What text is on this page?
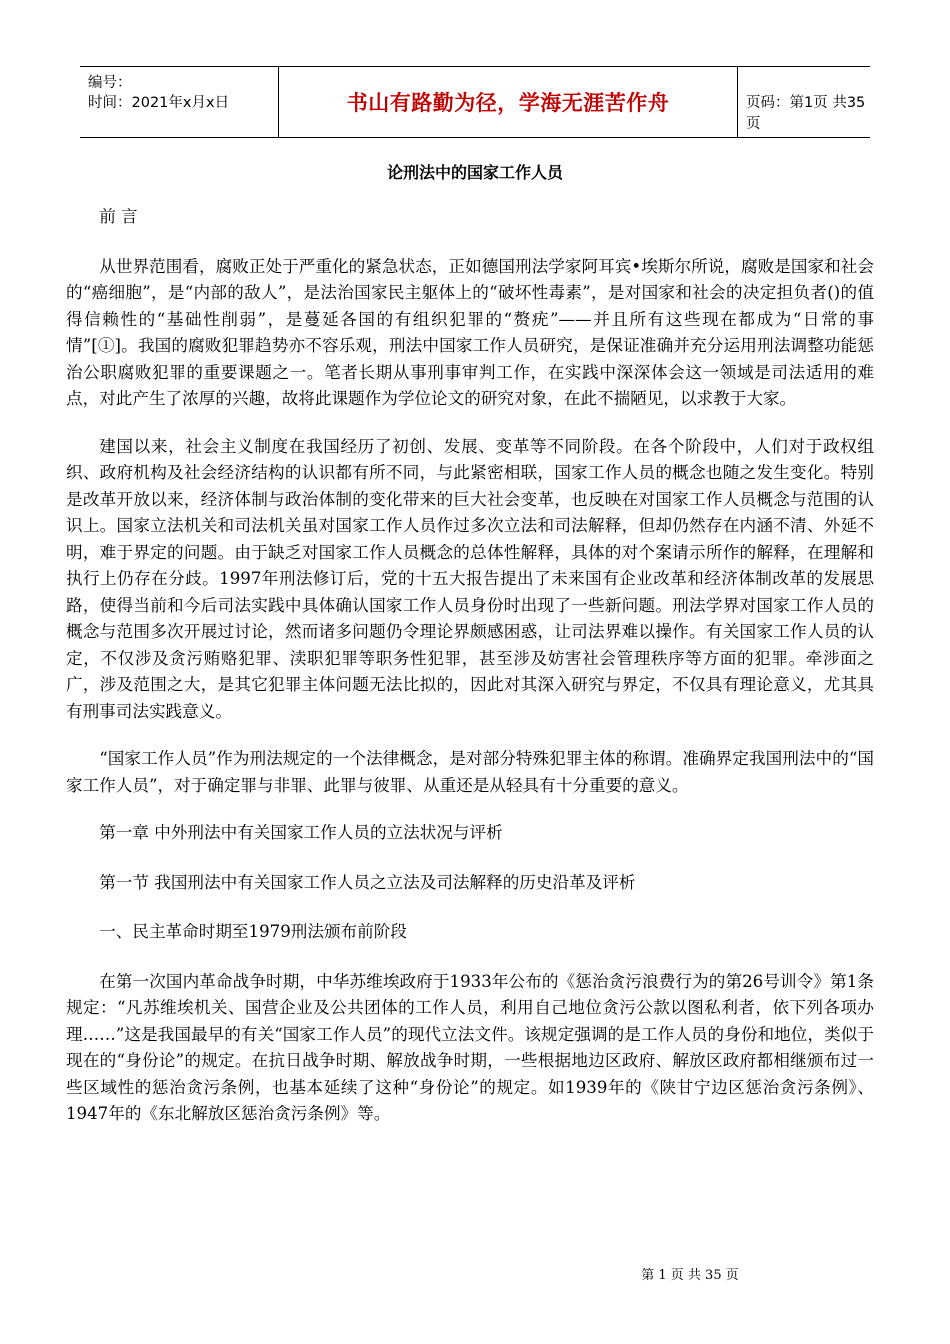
编号：
时间：2021年x月x日	书山有路勤为径，学海无涯苦作舟	页码：第1页 共35页
论刑法中的国家工作人员

前 言

从世界范围看，腐败正处于严重化的紧急状态，正如德国刑法学家阿耳宾•埃斯尔所说，腐败是国家和社会的“癌细胞”，是“内部的敌人”，是法治国家民主躯体上的“破坏性毒素”，是对国家和社会的决定担负者()的值得信赖性的“基础性削弱”，是蔓延各国的有组织犯罪的“赘疣”——并且所有这些现在都成为“日常的事情”[①]。我国的腐败犯罪趋势亦不容乐观，刑法中国家工作人员研究，是保证准确并充分运用刑法调整功能惩治公职腐败犯罪的重要课题之一。笔者长期从事刑事审判工作，在实践中深深体会这一领域是司法适用的难点，对此产生了浓厚的兴趣，故将此课题作为学位论文的研究对象，在此不揣陋见，以求教于大家。

建国以来，社会主义制度在我国经历了初创、发展、变革等不同阶段。在各个阶段中，人们对于政权组织、政府机构及社会经济结构的认识都有所不同，与此紧密相联，国家工作人员的概念也随之发生变化。特别是改革开放以来，经济体制与政治体制的变化带来的巨大社会变革，也反映在对国家工作人员概念与范围的认识上。国家立法机关和司法机关虽对国家工作人员作过多次立法和司法解释，但却仍然存在内涵不清、外延不明，难于界定的问题。由于缺乏对国家工作人员概念的总体性解释，具体的对个案请示所作的解释，在理解和执行上仍存在分歧。1997年刑法修订后，党的十五大报告提出了未来国有企业改革和经济体制改革的发展思路，使得当前和今后司法实践中具体确认国家工作人员身份时出现了一些新问题。刑法学界对国家工作人员的概念与范围多次开展过讨论，然而诸多问题仍令理论界颇感困惑，让司法界难以操作。有关国家工作人员的认定，不仅涉及贪污贿赂犯罪、渎职犯罪等职务性犯罪，甚至涉及妨害社会管理秩序等方面的犯罪。牵涉面之广，涉及范围之大，是其它犯罪主体问题无法比拟的，因此对其深入研究与界定，不仅具有理论意义，尤其具有刑事司法实践意义。

“国家工作人员”作为刑法规定的一个法律概念，是对部分特殊犯罪主体的称谓。准确界定我国刑法中的“国家工作人员”，对于确定罪与非罪、此罪与彼罪、从重还是从轻具有十分重要的意义。

第一章 中外刑法中有关国家工作人员的立法状况与评析

第一节 我国刑法中有关国家工作人员之立法及司法解释的历史沿革及评析

一、民主革命时期至1979刑法颁布前阶段

在第一次国内革命战争时期，中华苏维埃政府于1933年公布的《惩治贪污浪费行为的第26号训令》第1条规定：“凡苏维埃机关、国营企业及公共团体的工作人员，利用自己地位贪污公款以图私利者，依下列各项办理……”这是我国最早的有关“国家工作人员”的现代立法文件。该规定强调的是工作人员的身份和地位，类似于现在的“身份论”的规定。在抗日战争时期、解放战争时期，一些根据地边区政府、解放区政府都相继颁布过一些区域性的惩治贪污条例，也基本延续了这种“身份论”的规定。如1939年的《陕甘宁边区惩治贪污条例》、1947年的《东北解放区惩治贪污条例》等。

第 1 页 共 35 页
